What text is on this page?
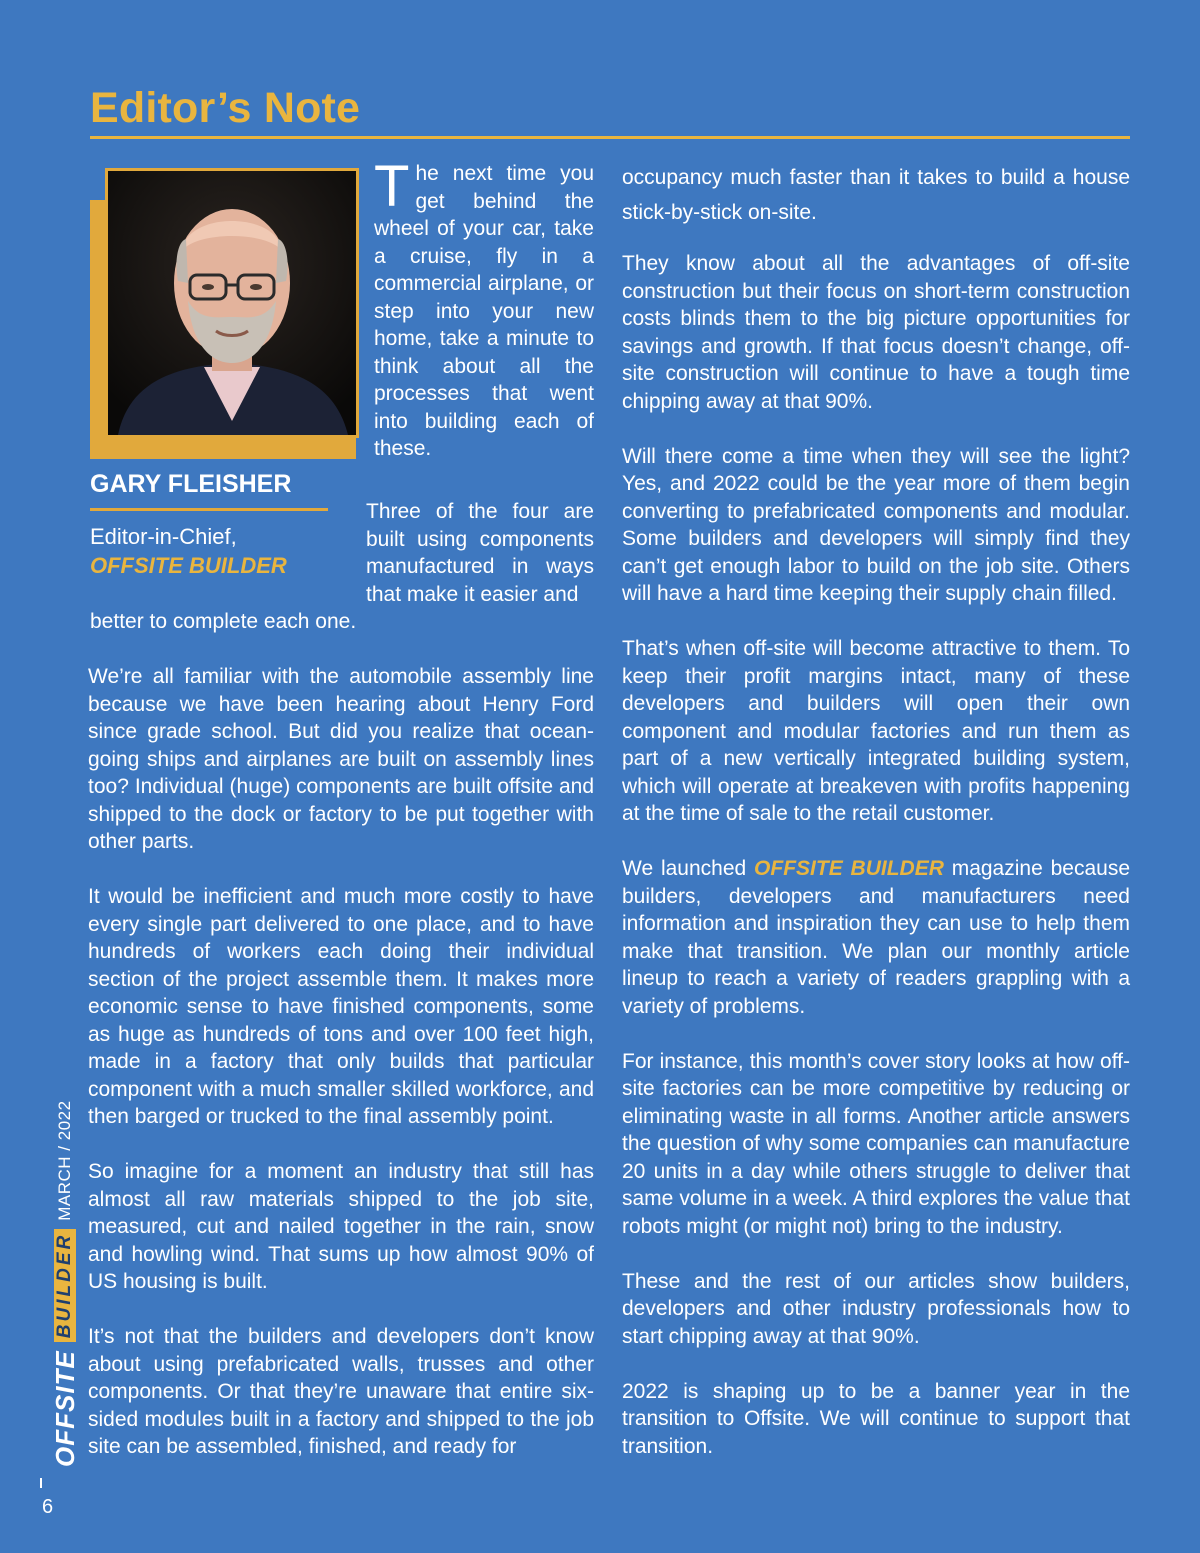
Editor’s Note
GARY FLEISHER
Editor-in-Chief,
OFFSITE BUILDER

The next time you get behind the wheel of your car, take a cruise, fly in a commercial airplane, or step into your new home, take a minute to think about all the processes that went into building each of these.

Three of the four are built using components manufactured in ways that make it easier and

better to complete each one.

We’re all familiar with the automobile assembly line because we have been hearing about Henry Ford since grade school. But did you realize that ocean-going ships and airplanes are built on assembly lines too? Individual (huge) components are built offsite and shipped to the dock or factory to be put together with other parts.

It would be inefficient and much more costly to have every single part delivered to one place, and to have hundreds of workers each doing their individual section of the project assemble them. It makes more economic sense to have finished components, some as huge as hundreds of tons and over 100 feet high, made in a factory that only builds that particular component with a much smaller skilled workforce, and then barged or trucked to the final assembly point.

So imagine for a moment an industry that still has almost all raw materials shipped to the job site, measured, cut and nailed together in the rain, snow and howling wind. That sums up how almost 90% of US housing is built.

It’s not that the builders and developers don’t know about using prefabricated walls, trusses and other components. Or that they’re unaware that entire six-sided modules built in a factory and shipped to the job site can be assembled, finished, and ready for

occupancy much faster than it takes to build a house stick-by-stick on-site.

They know about all the advantages of off-site construction but their focus on short-term construction costs blinds them to the big picture opportunities for savings and growth. If that focus doesn’t change, off-site construction will continue to have a tough time chipping away at that 90%.

Will there come a time when they will see the light? Yes, and 2022 could be the year more of them begin converting to prefabricated components and modular. Some builders and developers will simply find they can’t get enough labor to build on the job site. Others will have a hard time keeping their supply chain filled.

That’s when off-site will become attractive to them. To keep their profit margins intact, many of these developers and builders will open their own component and modular factories and run them as part of a new vertically integrated building system, which will operate at breakeven with profits happening at the time of sale to the retail customer.

We launched OFFSITE BUILDER magazine because builders, developers and manufacturers need information and inspiration they can use to help them make that transition. We plan our monthly article lineup to reach a variety of readers grappling with a variety of problems.

For instance, this month’s cover story looks at how off-site factories can be more competitive by reducing or eliminating waste in all forms. Another article answers the question of why some companies can manufacture 20 units in a day while others struggle to deliver that same volume in a week. A third explores the value that robots might (or might not) bring to the industry.

These and the rest of our articles show builders, developers and other industry professionals how to start chipping away at that 90%.

2022 is shaping up to be a banner year in the transition to Offsite. We will continue to support that transition.

OFFSITE
BUILDER
MARCH / 2022
6
